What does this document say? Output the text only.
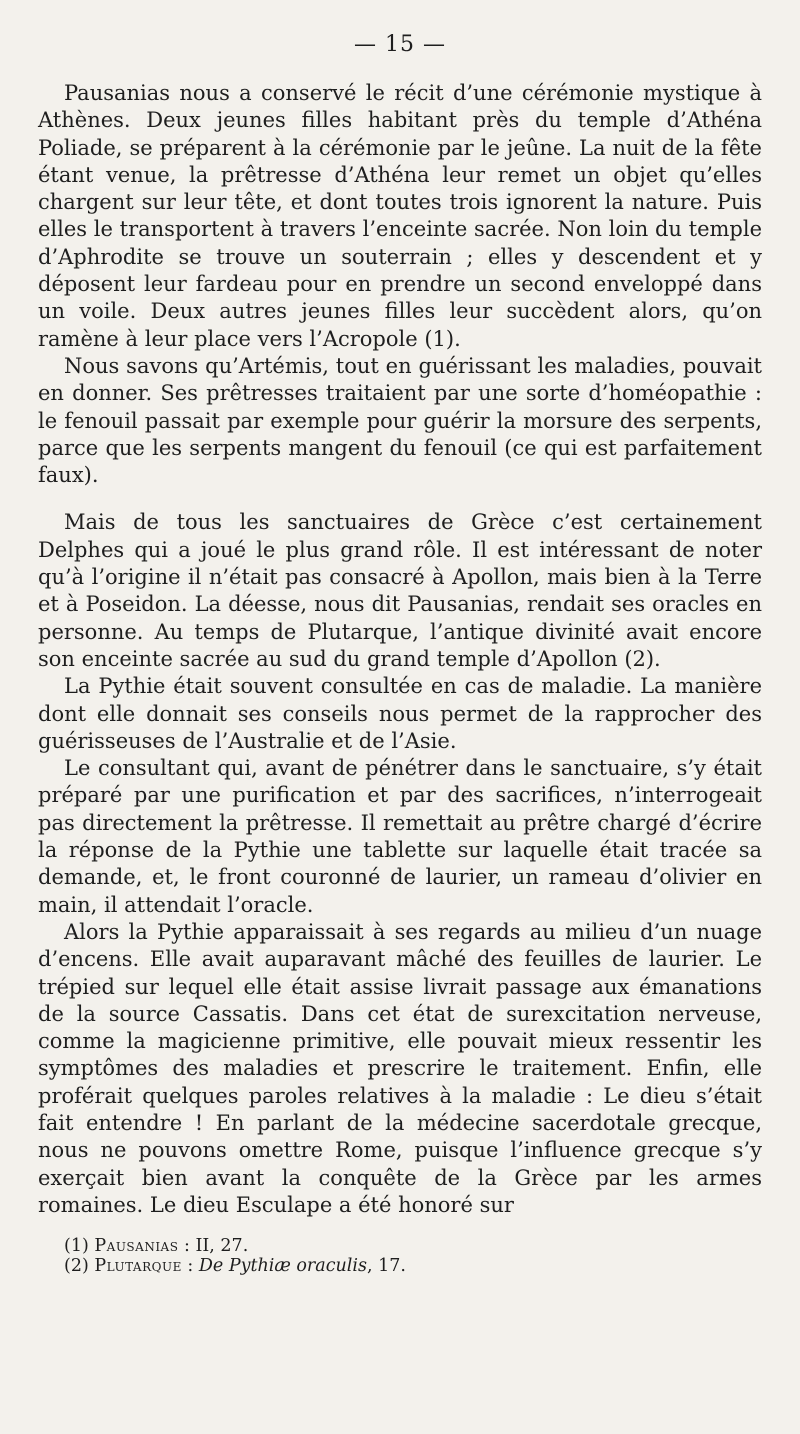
— 15 —

Pausanias nous a conservé le récit d’une cérémonie mystique à Athènes. Deux jeunes filles habitant près du temple d’Athéna Poliade, se préparent à la cérémonie par le jeûne. La nuit de la fête étant venue, la prêtresse d’Athéna leur remet un objet qu’elles chargent sur leur tête, et dont toutes trois ignorent la nature. Puis elles le transportent à travers l’enceinte sacrée. Non loin du temple d’Aphrodite se trouve un souterrain ; elles y descendent et y déposent leur fardeau pour en prendre un second enveloppé dans un voile. Deux autres jeunes filles leur succèdent alors, qu’on ramène à leur place vers l’Acropole (1).

Nous savons qu’Artémis, tout en guérissant les maladies, pouvait en donner. Ses prêtresses traitaient par une sorte d’homéopathie : le fenouil passait par exemple pour guérir la morsure des serpents, parce que les serpents mangent du fenouil (ce qui est parfaitement faux).

Mais de tous les sanctuaires de Grèce c’est certainement Delphes qui a joué le plus grand rôle. Il est intéressant de noter qu’à l’origine il n’était pas consacré à Apollon, mais bien à la Terre et à Poseidon. La déesse, nous dit Pausanias, rendait ses oracles en personne. Au temps de Plutarque, l’antique divinité avait encore son enceinte sacrée au sud du grand temple d’Apollon (2).

La Pythie était souvent consultée en cas de maladie. La manière dont elle donnait ses conseils nous permet de la rapprocher des guérisseuses de l’Australie et de l’Asie.

Le consultant qui, avant de pénétrer dans le sanctuaire, s’y était préparé par une purification et par des sacrifices, n’interrogeait pas directement la prêtresse. Il remettait au prêtre chargé d’écrire la réponse de la Pythie une tablette sur laquelle était tracée sa demande, et, le front couronné de laurier, un rameau d’olivier en main, il attendait l’oracle.

Alors la Pythie apparaissait à ses regards au milieu d’un nuage d’encens. Elle avait auparavant mâché des feuilles de laurier. Le trépied sur lequel elle était assise livrait passage aux émanations de la source Cassatis. Dans cet état de surexcitation nerveuse, comme la magicienne primitive, elle pouvait mieux ressentir les symptômes des maladies et prescrire le traitement. Enfin, elle proférait quelques paroles relatives à la maladie : Le dieu s’était fait entendre ! En parlant de la médecine sacerdotale grecque, nous ne pouvons omettre Rome, puisque l’influence grecque s’y exerçait bien avant la conquête de la Grèce par les armes romaines. Le dieu Esculape a été honoré sur

(1) Pausanias : II, 27.

(2) Plutarque : De Pythiæ oraculis, 17.
